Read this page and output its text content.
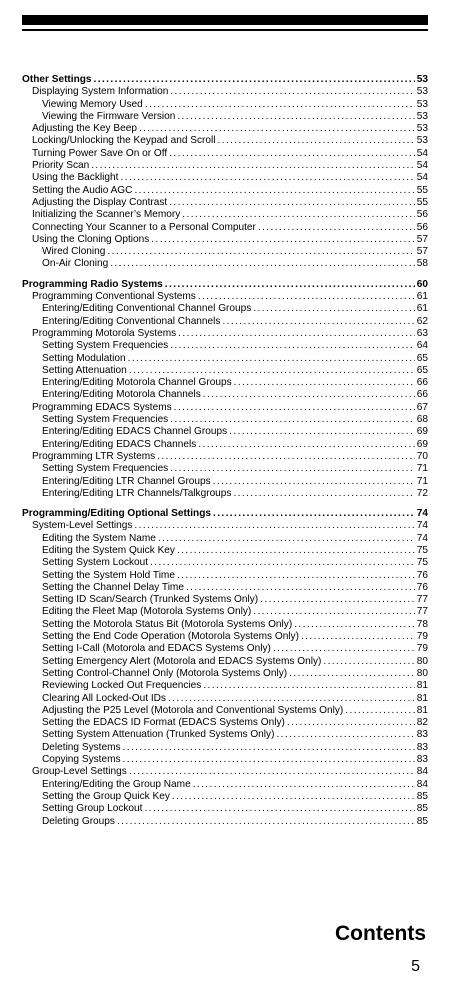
Other Settings .....	53
Displaying System Information .....	53
Viewing Memory Used .....	53
Viewing the Firmware Version .....	53
Adjusting the Key Beep .....	53
Locking/Unlocking the Keypad and Scroll .....	53
Turning Power Save On or Off .....	54
Priority Scan .....	54
Using the Backlight .....	54
Setting the Audio AGC .....	55
Adjusting the Display Contrast .....	55
Initializing the Scanner’s Memory .....	56
Connecting Your Scanner to a Personal Computer .....	56
Using the Cloning Options .....	57
Wired Cloning .....	57
On-Air Cloning .....	58
Programming Radio Systems .....	60
Programming Conventional Systems .....	61
Entering/Editing Conventional Channel Groups .....	61
Entering/Editing Conventional Channels .....	62
Programming Motorola Systems .....	63
Setting System Frequencies .....	64
Setting Modulation .....	65
Setting Attenuation .....	65
Entering/Editing Motorola Channel Groups .....	66
Entering/Editing Motorola Channels .....	66
Programming EDACS Systems .....	67
Setting System Frequencies .....	68
Entering/Editing EDACS Channel Groups .....	69
Entering/Editing EDACS Channels .....	69
Programming LTR Systems .....	70
Setting System Frequencies .....	71
Entering/Editing LTR Channel Groups .....	71
Entering/Editing LTR Channels/Talkgroups .....	72
Programming/Editing Optional Settings .....	74
System-Level Settings .....	74
Editing the System Name .....	74
Editing the System Quick Key .....	75
Setting System Lockout .....	75
Setting the System Hold Time .....	76
Setting the Channel Delay Time .....	76
Setting ID Scan/Search (Trunked Systems Only) .....	77
Editing the Fleet Map (Motorola Systems Only) .....	77
Setting the Motorola Status Bit (Motorola Systems Only) .....	78
Setting the End Code Operation (Motorola Systems Only) .....	79
Setting I-Call (Motorola and EDACS Systems Only) .....	79
Setting Emergency Alert (Motorola and EDACS Systems Only) .....	80
Setting Control-Channel Only (Motorola Systems Only) .....	80
Reviewing Locked Out Frequencies .....	81
Clearing All Locked-Out IDs .....	81
Adjusting the P25 Level (Motorola and Conventional Systems Only) .....	81
Setting the EDACS ID Format (EDACS Systems Only) .....	82
Setting System Attenuation (Trunked Systems Only) .....	83
Deleting Systems .....	83
Copying Systems .....	83
Group-Level Settings .....	84
Entering/Editing the Group Name .....	84
Setting the Group Quick Key .....	85
Setting Group Lockout .....	85
Deleting Groups .....	85
Contents
5
